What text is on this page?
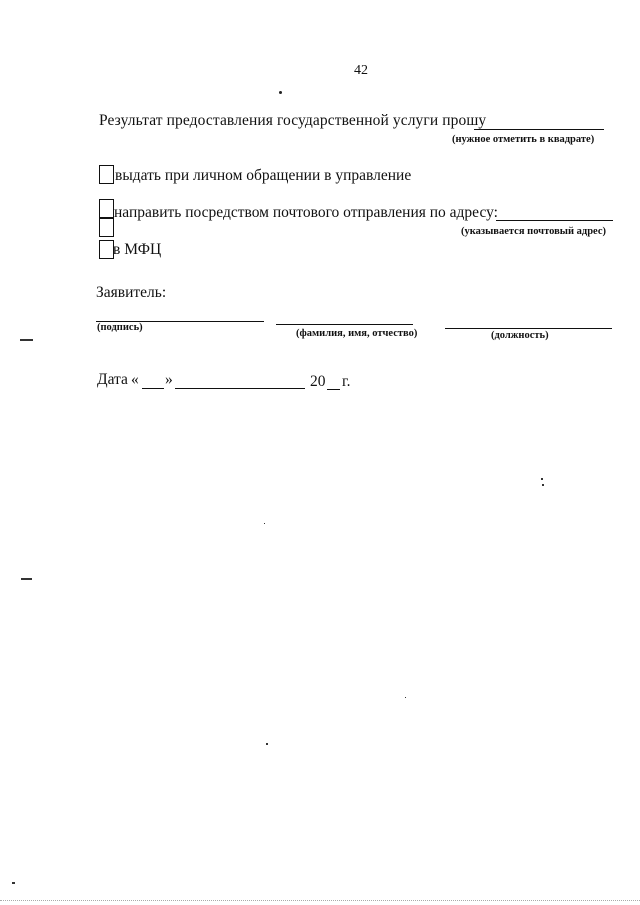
42
Результат предоставления государственной услуги прошу
(нужное отметить в квадрате)
выдать при личном обращении в управление
направить посредством почтового отправления по адресу:
(указывается почтовый адрес)
в МФЦ
Заявитель:
(подпись)
(фамилия, имя, отчество)	(должность)
Дата « »	20 г.
